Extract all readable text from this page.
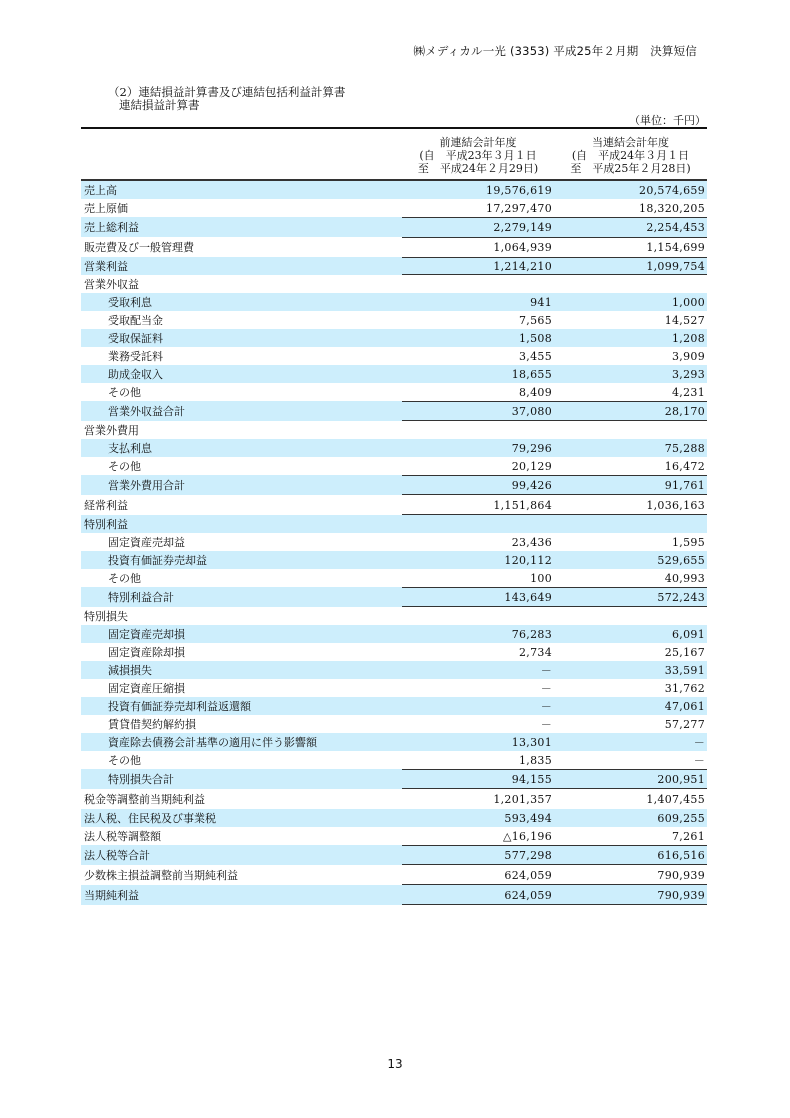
㈱メディカル一光 (3353) 平成25年２月期　決算短信
（2）連結損益計算書及び連結包括利益計算書
連結損益計算書
（単位：千円）
前連結会計年度
(自　平成23年３月１日
至　平成24年２月29日)
当連結会計年度
(自　平成24年３月１日
至　平成25年２月28日)
売上高	19,576,619	20,574,659
売上原価	17,297,470	18,320,205
売上総利益	2,279,149	2,254,453
販売費及び一般管理費	1,064,939	1,154,699
営業利益	1,214,210	1,099,754
営業外収益
受取利息	941	1,000
受取配当金	7,565	14,527
受取保証料	1,508	1,208
業務受託料	3,455	3,909
助成金収入	18,655	3,293
その他	8,409	4,231
営業外収益合計	37,080	28,170
営業外費用
支払利息	79,296	75,288
その他	20,129	16,472
営業外費用合計	99,426	91,761
経常利益	1,151,864	1,036,163
特別利益
固定資産売却益	23,436	1,595
投資有価証券売却益	120,112	529,655
その他	100	40,993
特別利益合計	143,649	572,243
特別損失
固定資産売却損	76,283	6,091
固定資産除却損	2,734	25,167
減損損失	－	33,591
固定資産圧縮損	－	31,762
投資有価証券売却利益返還額	－	47,061
賃貸借契約解約損	－	57,277
資産除去債務会計基準の適用に伴う影響額	13,301	－
その他	1,835	－
特別損失合計	94,155	200,951
税金等調整前当期純利益	1,201,357	1,407,455
法人税、住民税及び事業税	593,494	609,255
法人税等調整額	△16,196	7,261
法人税等合計	577,298	616,516
少数株主損益調整前当期純利益	624,059	790,939
当期純利益	624,059	790,939
13
